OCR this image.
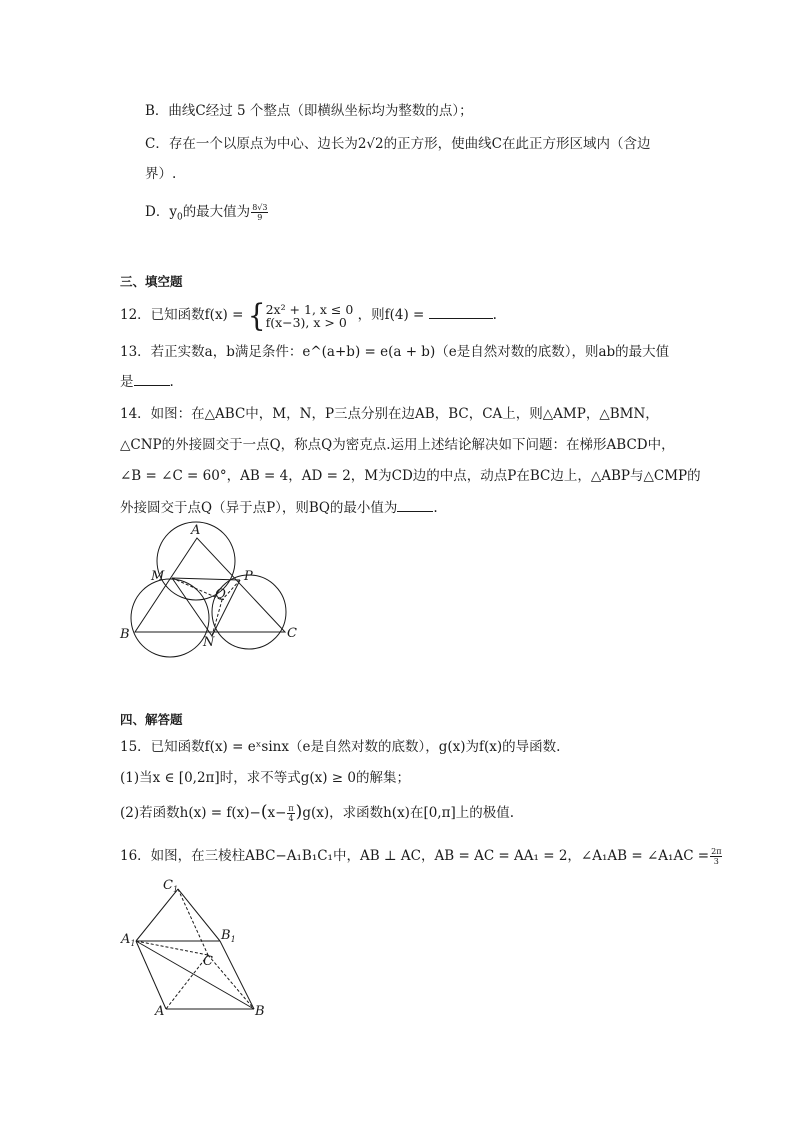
B．曲线C经过 5 个整点（即横纵坐标均为整数的点）；
C．存在一个以原点为中心、边长为2√2的正方形，使曲线C在此正方形区域内（含边
界）.
D．$y_0$的最大值为 $\frac{8√3}{9}$
三、填空题
12．已知函数f(x) = { 2x² + 1, x ≤ 0
f(x−3), x > 0 ，则f(4) =	.
13．若正实数a，b满足条件：e^(a+b) = e(a + b)（e是自然对数的底数），则ab的最大值
是	.
14．如图：在△ABC中，M，N，P三点分别在边AB，BC，CA上，则△AMP，△BMN，
△CNP的外接圆交于一点Q，称点Q为密克点.运用上述结论解决如下问题：在梯形ABCD中，
∠B = ∠C = 60°，AB = 4，AD = 2，M为CD边的中点，动点P在BC边上，△ABP与△CMP的
外接圆交于点Q（异于点P），则BQ的最小值为	.
A
M	P
Q
B
N
C
四、解答题
15．已知函数f(x) = eˣsinx（e是自然对数的底数），g(x)为f(x)的导函数.
(1)当x ∈ [0,2π]时，求不等式g(x) ≥ 0的解集；
(2)若函数$h(x) = f(x)-(x- \frac{\pi}{4} )g(x)$，求函数h(x)在[0,π]上的极值.
16．如图，在三棱柱ABC−A₁B₁C₁中，AB ⊥ AC，AB = AC = AA₁ = 2，∠A₁AB = ∠A₁AC = $\frac{2\pi}{3}$
$C_1$
$A_1$
$B_1$
C
A	B
